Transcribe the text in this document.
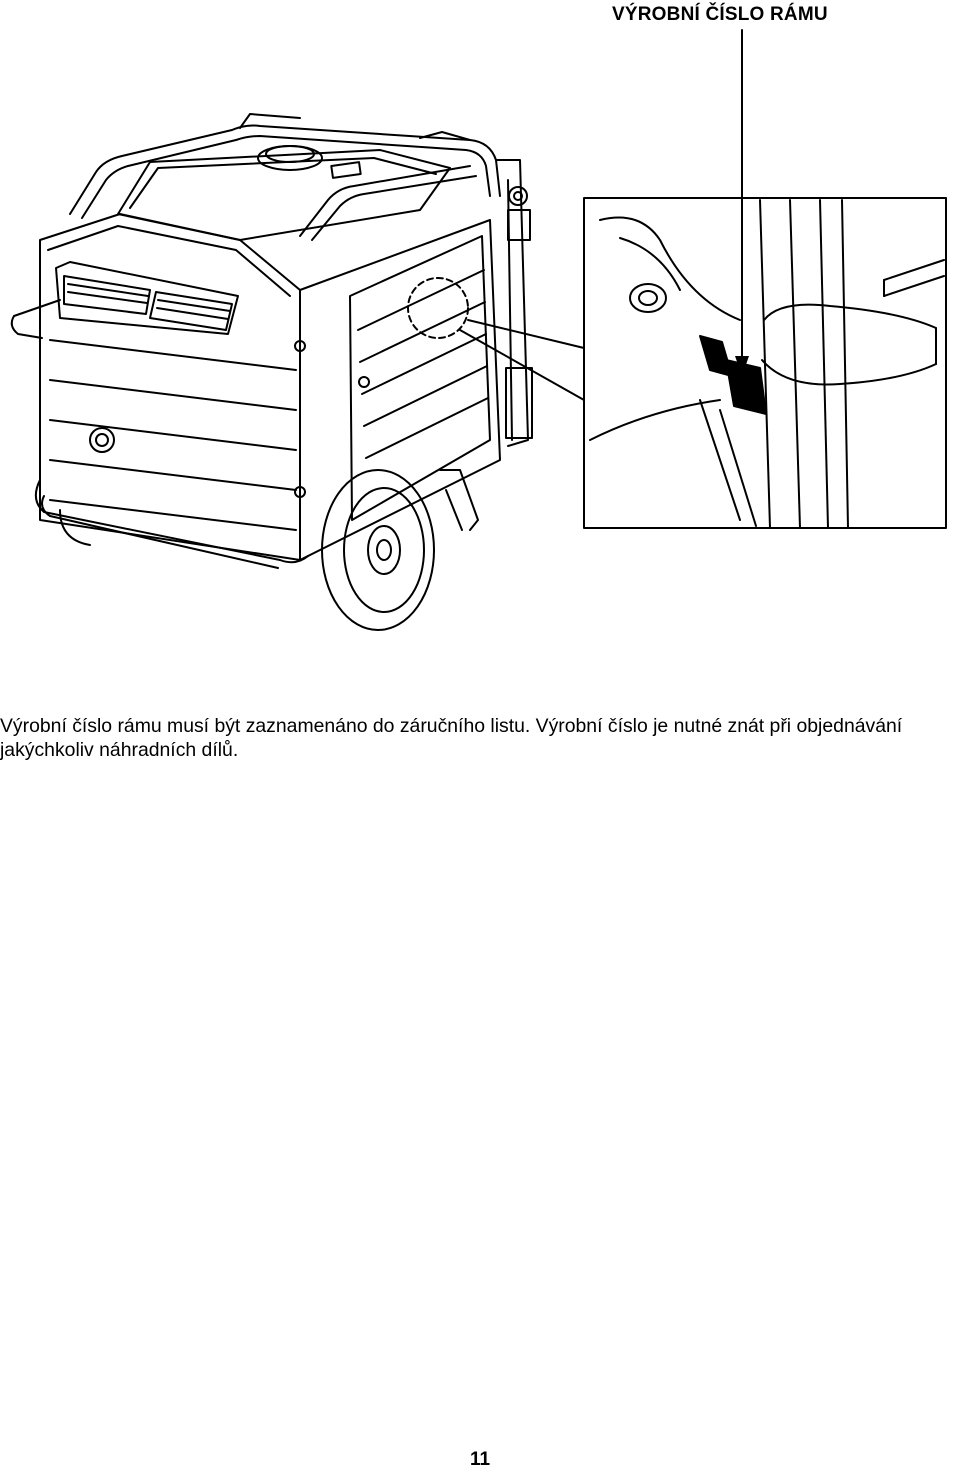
VÝROBNÍ ČÍSLO RÁMU

Výrobní číslo rámu musí být zaznamenáno do záručního listu. Výrobní číslo je nutné znát při objednávání jakýchkoliv náhradních dílů.

11
